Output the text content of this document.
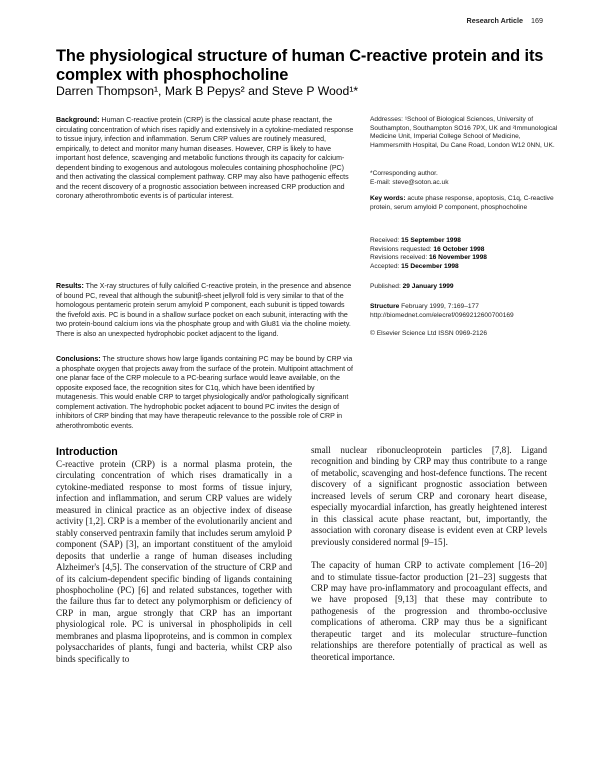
Research Article 169
The physiological structure of human C-reactive protein and its complex with phosphocholine
Darren Thompson¹, Mark B Pepys² and Steve P Wood¹*
Background: Human C-reactive protein (CRP) is the classical acute phase reactant, the circulating concentration of which rises rapidly and extensively in a cytokine-mediated response to tissue injury, infection and inflammation. Serum CRP values are routinely measured, empirically, to detect and monitor many human diseases. However, CRP is likely to have important host defence, scavenging and metabolic functions through its capacity for calcium-dependent binding to exogenous and autologous molecules containing phosphocholine (PC) and then activating the classical complement pathway. CRP may also have pathogenic effects and the recent discovery of a prognostic association between increased CRP production and coronary atherothrombotic events is of particular interest.
Results: The X-ray structures of fully calcified C-reactive protein, in the presence and absence of bound PC, reveal that although the subunitβ-sheet jellyroll fold is very similar to that of the homologous pentameric protein serum amyloid P component, each subunit is tipped towards the fivefold axis. PC is bound in a shallow surface pocket on each subunit, interacting with the two protein-bound calcium ions via the phosphate group and with Glu81 via the choline moiety. There is also an unexpected hydrophobic pocket adjacent to the ligand.
Conclusions: The structure shows how large ligands containing PC may be bound by CRP via a phosphate oxygen that projects away from the surface of the protein. Multipoint attachment of one planar face of the CRP molecule to a PC-bearing surface would leave available, on the opposite exposed face, the recognition sites for C1q, which have been identified by mutagenesis. This would enable CRP to target physiologically and/or pathologically significant complement activation. The hydrophobic pocket adjacent to bound PC invites the design of inhibitors of CRP binding that may have therapeutic relevance to the possible role of CRP in atherothrombotic events.
Addresses: ¹School of Biological Sciences, University of Southampton, Southampton SO16 7PX, UK and ²Immunological Medicine Unit, Imperial College School of Medicine, Hammersmith Hospital, Du Cane Road, London W12 0NN, UK.
*Corresponding author.
E-mail: steve@soton.ac.uk
Key words: acute phase response, apoptosis, C1q, C-reactive protein, serum amyloid P component, phosphocholine
Received: 15 September 1998
Revisions requested: 16 October 1998
Revisions received: 16 November 1998
Accepted: 15 December 1998
Published: 29 January 1999
Structure February 1999, 7:169–177
http://biomednet.com/elecref/0969212600700169
© Elsevier Science Ltd ISSN 0969-2126
Introduction

C-reactive protein (CRP) is a normal plasma protein, the circulating concentration of which rises dramatically in a cytokine-mediated response to most forms of tissue injury, infection and inflammation, and serum CRP values are widely measured in clinical practice as an objective index of disease activity [1,2]. CRP is a member of the evolutionarily ancient and stably conserved pentraxin family that includes serum amyloid P component (SAP) [3], an important constituent of the amyloid deposits that underlie a range of human diseases including Alzheimer's [4,5]. The conservation of the structure of CRP and of its calcium-dependent specific binding of ligands containing phosphocholine (PC) [6] and related substances, together with the failure thus far to detect any polymorphism or deficiency of CRP in man, argue strongly that CRP has an important physiological role. PC is universal in phospholipids in cell membranes and plasma lipoproteins, and is common in complex polysaccharides of plants, fungi and bacteria, whilst CRP also binds specifically to

small nuclear ribonucleoprotein particles [7,8]. Ligand recognition and binding by CRP may thus contribute to a range of metabolic, scavenging and host-defence functions. The recent discovery of a significant prognostic association between increased levels of serum CRP and coronary heart disease, especially myocardial infarction, has greatly heightened interest in this classical acute phase reactant, but, importantly, the association with coronary disease is evident even at CRP levels previously considered normal [9–15].

The capacity of human CRP to activate complement [16–20] and to stimulate tissue-factor production [21–23] suggests that CRP may have pro-inflammatory and procoagulant effects, and we have proposed [9,13] that these may contribute to pathogenesis of the progression and thrombo-occlusive complications of atheroma. CRP may thus be a significant therapeutic target and its molecular structure–function relationships are therefore potentially of practical as well as theoretical importance.
